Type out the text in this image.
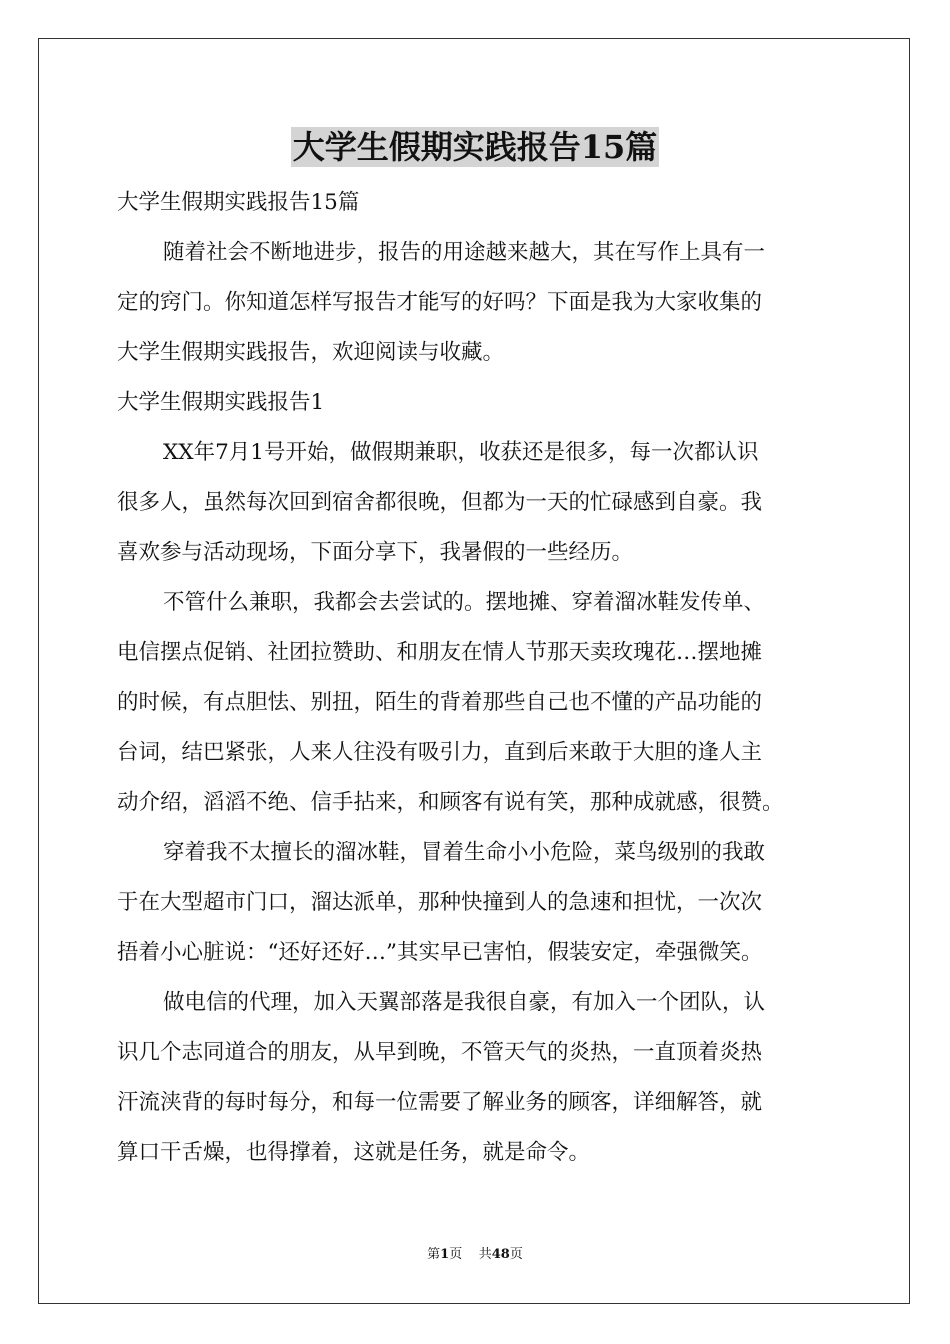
大学生假期实践报告15篇
大学生假期实践报告15篇
随着社会不断地进步，报告的用途越来越大，其在写作上具有一
定的窍门。你知道怎样写报告才能写的好吗？下面是我为大家收集的
大学生假期实践报告，欢迎阅读与收藏。
大学生假期实践报告1
XX年7月1号开始，做假期兼职，收获还是很多，每一次都认识
很多人，虽然每次回到宿舍都很晚，但都为一天的忙碌感到自豪。我
喜欢参与活动现场，下面分享下，我暑假的一些经历。
不管什么兼职，我都会去尝试的。摆地摊、穿着溜冰鞋发传单、
电信摆点促销、社团拉赞助、和朋友在情人节那天卖玫瑰花…摆地摊
的时候，有点胆怯、别扭，陌生的背着那些自己也不懂的产品功能的
台词，结巴紧张，人来人往没有吸引力，直到后来敢于大胆的逢人主
动介绍，滔滔不绝、信手拈来，和顾客有说有笑，那种成就感，很赞。
穿着我不太擅长的溜冰鞋，冒着生命小小危险，菜鸟级别的我敢
于在大型超市门口，溜达派单，那种快撞到人的急速和担忧，一次次
捂着小心脏说：“还好还好…”其实早已害怕，假装安定，牵强微笑。
做电信的代理，加入天翼部落是我很自豪，有加入一个团队，认
识几个志同道合的朋友，从早到晚，不管天气的炎热，一直顶着炎热
汗流浃背的每时每分，和每一位需要了解业务的顾客，详细解答，就
算口干舌燥，也得撑着，这就是任务，就是命令。
第1页 共48页
